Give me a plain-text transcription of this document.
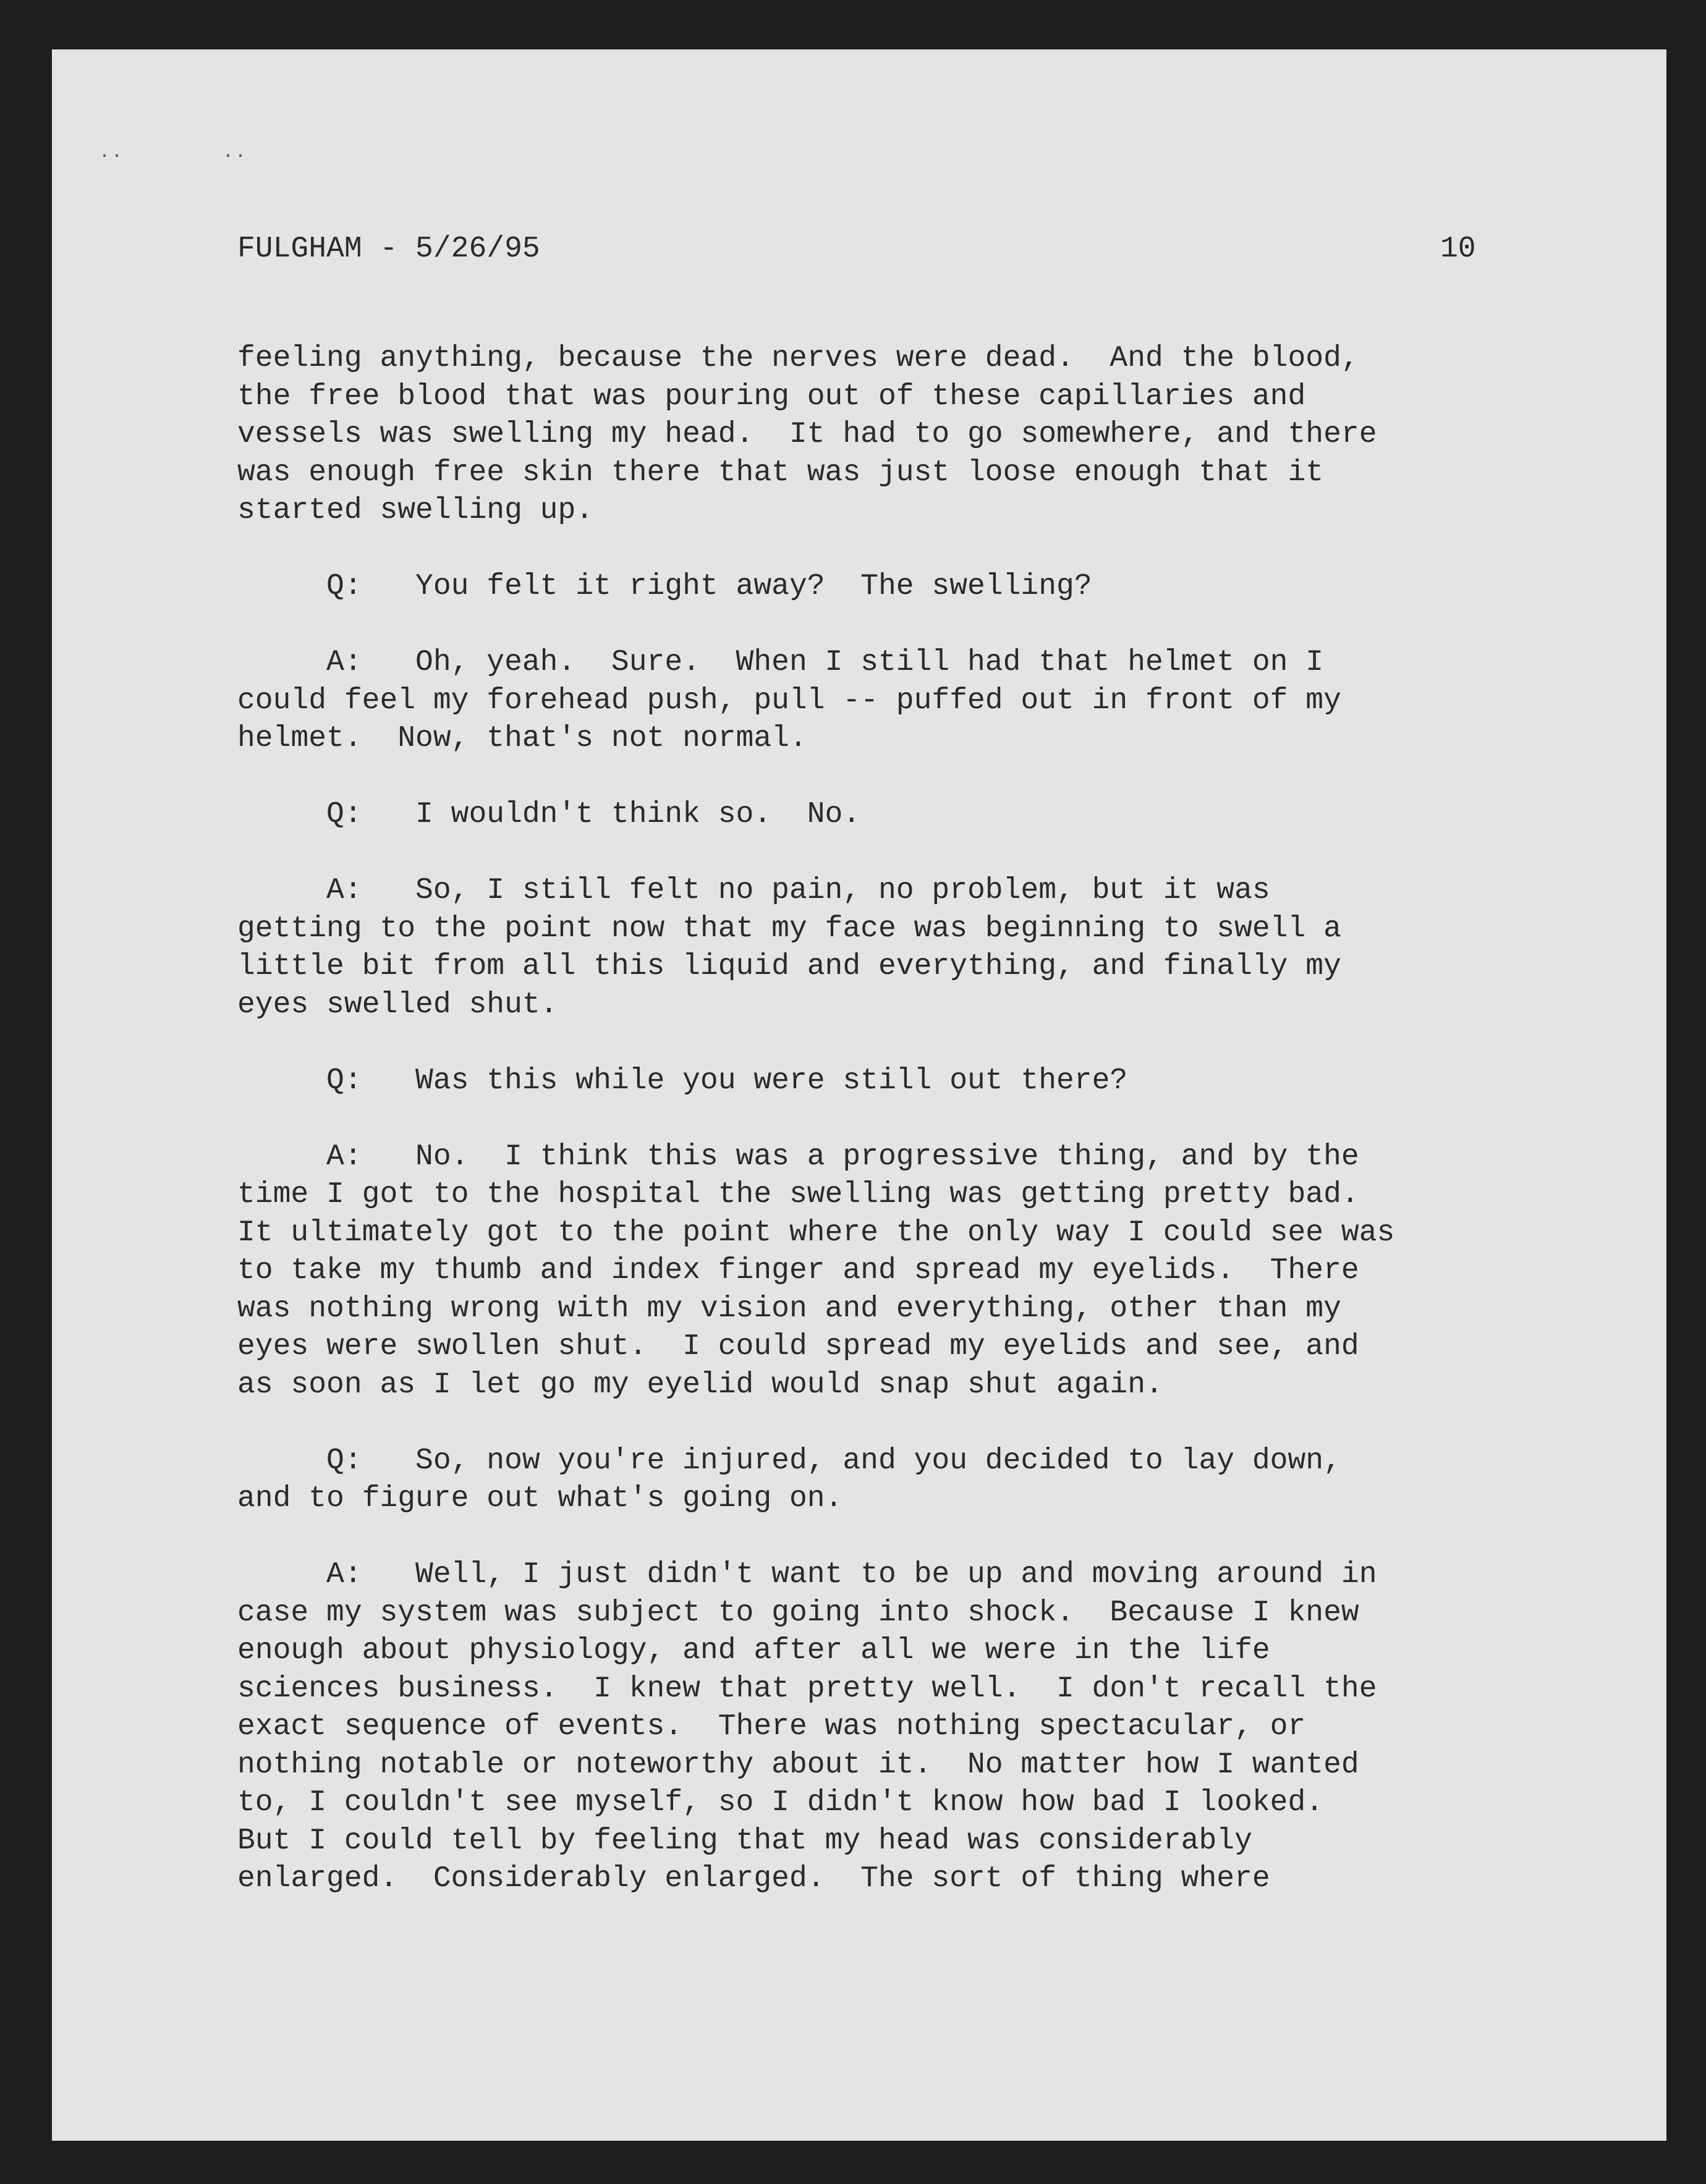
..	..
FULGHAM - 5/26/95	10
feeling anything, because the nerves were dead.  And the blood,
the free blood that was pouring out of these capillaries and
vessels was swelling my head.  It had to go somewhere, and there
was enough free skin there that was just loose enough that it
started swelling up.
Q:   You felt it right away?  The swelling?
A:   Oh, yeah.  Sure.  When I still had that helmet on I
could feel my forehead push, pull -- puffed out in front of my
helmet.  Now, that's not normal.
Q:   I wouldn't think so.  No.
A:   So, I still felt no pain, no problem, but it was
getting to the point now that my face was beginning to swell a
little bit from all this liquid and everything, and finally my
eyes swelled shut.
Q:   Was this while you were still out there?
A:   No.  I think this was a progressive thing, and by the
time I got to the hospital the swelling was getting pretty bad.
It ultimately got to the point where the only way I could see was
to take my thumb and index finger and spread my eyelids.  There
was nothing wrong with my vision and everything, other than my
eyes were swollen shut.  I could spread my eyelids and see, and
as soon as I let go my eyelid would snap shut again.
Q:   So, now you're injured, and you decided to lay down,
and to figure out what's going on.
A:   Well, I just didn't want to be up and moving around in
case my system was subject to going into shock.  Because I knew
enough about physiology, and after all we were in the life
sciences business.  I knew that pretty well.  I don't recall the
exact sequence of events.  There was nothing spectacular, or
nothing notable or noteworthy about it.  No matter how I wanted
to, I couldn't see myself, so I didn't know how bad I looked.
But I could tell by feeling that my head was considerably
enlarged.  Considerably enlarged.  The sort of thing where
